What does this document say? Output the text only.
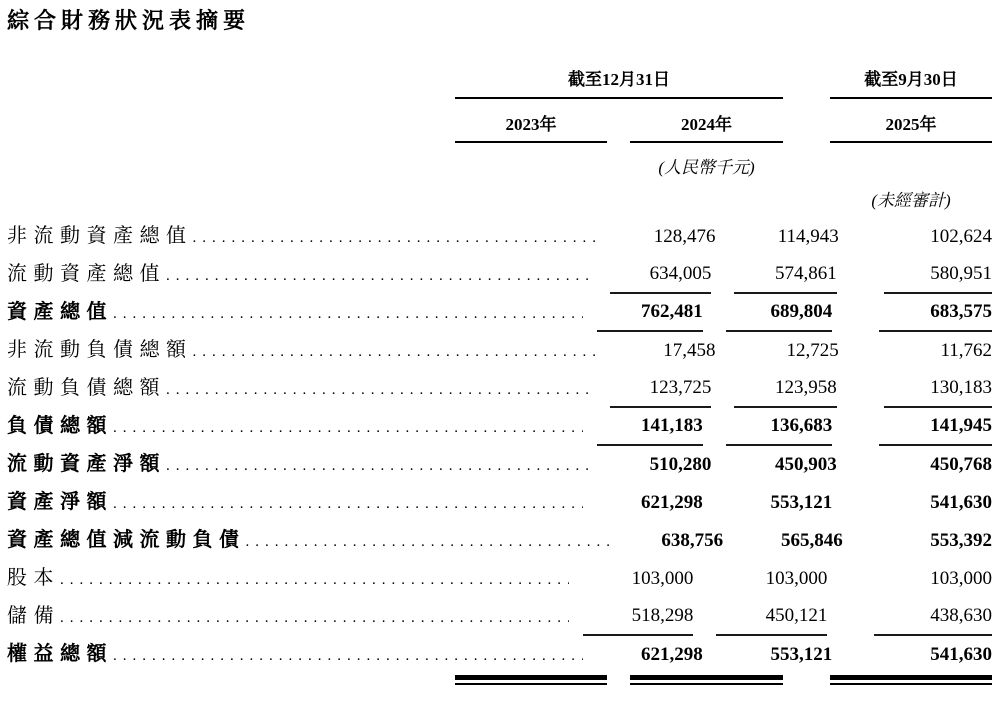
綜合財務狀況表摘要
截至12月31日	截至9月30日
2023年	2024年	2025年
(人民幣千元)
(未經審計)
非流動資產總值 .....	128,476	114,943	102,624
流動資產總值 .....	634,005	574,861	580,951
資產總值 .....	762,481	689,804	683,575
非流動負債總額 .....	17,458	12,725	11,762
流動負債總額 .....	123,725	123,958	130,183
負債總額 .....	141,183	136,683	141,945
流動資產淨額 .....	510,280	450,903	450,768
資產淨額 .....	621,298	553,121	541,630
資產總值減流動負債 .....	638,756	565,846	553,392
股本 .....	103,000	103,000	103,000
儲備 .....	518,298	450,121	438,630
權益總額 .....	621,298	553,121	541,630
